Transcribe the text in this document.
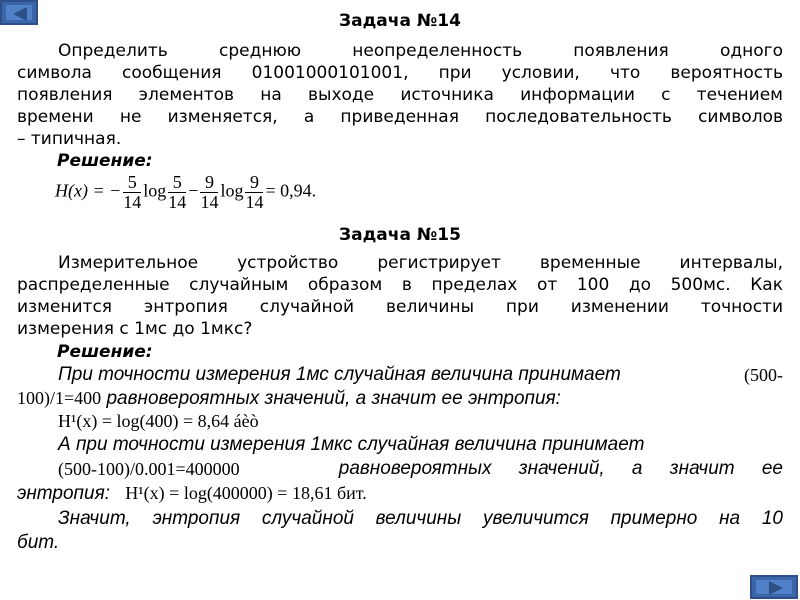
Задача №14
Определить среднюю неопределенность появления одного
символа сообщения 01001000101001, при условии, что вероятность
появления элементов на выходе источника информации с течением
времени не изменяется, а приведенная последовательность символов
– типичная.
Решение:
H(x) = − $\frac{5}{14}$ $\log \frac{5}{14} - \frac{9}{14}$ $\log \frac{9}{14} = 0,94$.
Задача №15
Измерительное устройство регистрирует временные интервалы,
распределенные случайным образом в пределах от 100 до 500мс. Как
изменится энтропия случайной величины при изменении точности
измерения с 1мс до 1мкс?
Решение:
При точности измерения 1мс случайная величина принимает	(500-
100)/1=400 равновероятных значений, а значит ее энтропия:
H¹(x) = log(400) = 8,64 áèò
А при точности измерения 1мкс случайная величина принимает
(500-100)/0.001=400000	равновероятных значений, а значит ее
энтропия: H¹(x) = log(400000) = 18,61 бит.
Значит, энтропия случайной величины увеличится примерно на 10
бит.
